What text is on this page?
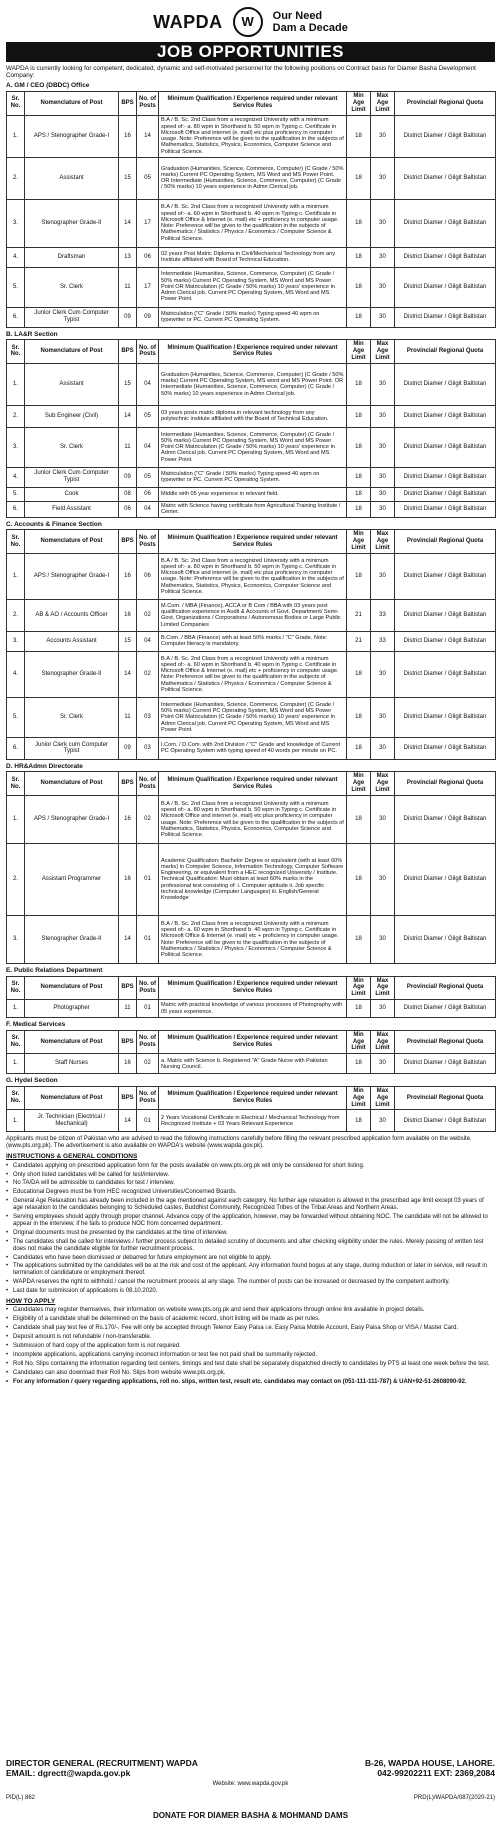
WAPDA	W	Our Need
Dam a Decade
JOB OPPORTUNITIES
WAPDA is currently looking for competent, dedicated, dynamic and self-motivated personnel for the following positions on Contract basis for Diamer Basha Development Company:
A. GM / CEO (DBDC) Office
Sr. No.	Nomenclature of Post	BPS	No. of Posts	Minimum Qualification / Experience required under relevant Service Rules	Min Age Limit	Max Age Limit	Provincial/ Regional Quota
1.	APS / Stenographer Grade-I	16	14	B.A / B. Sc. 2nd Class from a recognized University with a minimum speed of:- a. 80 wpm in Shorthand b. 50 wpm in Typing c. Certificate in Microsoft Office and internet (e. mail) etc plus proficiency in computer usage. Note: Preference will be given to the qualification in the subjects of Mathematics, Statistics, Physics, Economics, Computer Science and Political Science.	18	30	District Diamer / Gilgit Baltistan
2.	Assistant	15	05	Graduation (Humanities, Science, Commerce, Computer) (C Grade / 50% marks) Current PC Operating System, MS Word and MS Power Point. OR Intermediate (Humanities, Science, Commerce, Computer) (C Grade / 50% marks) 10 years experience in Admn Clerical job.	18	30	District Diamer / Gilgit Baltistan
3.	Stenographer Grade-II	14	17	B.A / B. Sc. 2nd Class from a recognized University with a minimum speed of:- a. 60 wpm in Shorthand b. 40 wpm in Typing c. Certificate in Microsoft Office & Internet (e. mail) etc + proficiency in computer usage. Note: Preference will be given to the qualification in the subjects of Mathematics / Statistics / Physics / Economics / Computer Science & Political Science.	18	30	District Diamer / Gilgit Baltistan
4.	Draftsman	13	06	02 years Post Matric Diploma in Civil/Mechanical Technology from any Institute affiliated with Board of Technical Education.	18	30	District Diamer / Gilgit Baltistan
5.	Sr. Clerk	11	17	Intermediate (Humanities, Science, Commerce, Computer) (C Grade / 50% marks) Current PC Operating System, MS Word and MS Power Point OR Matriculation (C Grade / 50% marks) 10 years' experience in Admn Clerical job. Current PC Operating System, MS Word and MS Power Point.	18	30	District Diamer / Gilgit Baltistan
6.	Junior Clerk Cum Computer Typist	09	09	Matriculation ("C" Grade / 50% marks) Typing speed 40 wpm on typewriter or PC. Current PC Operating System.	18	30	District Diamer / Gilgit Baltistan
B. LA&R Section
Sr. No.	Nomenclature of Post	BPS	No. of Posts	Minimum Qualification / Experience required under relevant Service Rules	Min Age Limit	Max Age Limit	Provincial/ Regional Quota
1.	Assistant	15	04	Graduation (Humanities, Science, Commerce, Computer) (C Grade / 50% marks) Current PC Operating System, MS word and MS Power Point. OR Intermediate (Humanities, Science, Commerce, Computer) (C Grade / 50% marks) 10 years experience in Admn Clerical job.	18	30	District Diamer / Gilgit Baltistan
2.	Sub Engineer (Civil)	14	05	03 years posts matric diploma in relevant technology from any polytechnic institute affiliated with the Board of Technical Education.	18	30	District Diamer / Gilgit Baltistan
3.	Sr. Clerk	11	04	Intermediate (Humanities, Science, Commerce, Computer) (C Grade / 50% marks) Current PC Operating System, MS Word and MS Power Point OR Matriculation (C Grade / 50% marks) 10 years' experience in Admn Clerical job. Current PC Operating System, MS Word and MS Power Point.	18	30	District Diamer / Gilgit Baltistan
4.	Junior Clerk Cum Computer Typist	09	05	Matriculation ("C" Grade / 50% marks) Typing speed 40 wpm on typewriter or PC. Current PC Operating System.	18	30	District Diamer / Gilgit Baltistan
5.	Cook	08	06	Middle with 05 year experience in relevant field.	18	30	District Diamer / Gilgit Baltistan
6.	Field Assistant	06	04	Matric with Science having certificate from Agricultural Training Institute / Center.	18	30	District Diamer / Gilgit Baltistan
C. Accounts & Finance Section
Sr. No.	Nomenclature of Post	BPS	No. of Posts	Minimum Qualification / Experience required under relevant Service Rules	Min Age Limit	Max Age Limit	Provincial/ Regional Quota
1.	APS / Stenographer Grade-I	16	06	B.A / B. Sc. 2nd Class from a recognized University with a minimum speed of:- a. 80 wpm in Shorthand b. 50 wpm in Typing c. Certificate in Microsoft Office and internet (e. mail) etc plus proficiency in computer usage. Note: Preference will be given to the qualification in the subjects of Mathematics, Statistics, Physics, Economics, Computer Science and Political Science.	18	30	District Diamer / Gilgit Baltistan
2.	AB & AO / Accounts Officer	16	02	M.Com. / MBA (Finance), ACCA or B Com / BBA with 03 years post qualification experience in Audit & Accounts of Govt. Department/ Semi-Govt. Organizations / Corporations / Autonomous Bodies or Large Public Limited Companies	21	33	District Diamer / Gilgit Baltistan
3.	Accounts Assistant	15	04	B.Com. / BBA (Finance) with at least 50% marks / "C" Grade. Note: Computer literacy is mandatory.	21	33	District Diamer / Gilgit Baltistan
4.	Stenographer Grade-II	14	02	B.A / B. Sc. 2nd Class from a recognized University with a minimum speed of:- a. 60 wpm in Shorthand b. 40 wpm in Typing c. Certificate in Microsoft Office & Internet (e. mail) etc + proficiency in computer usage. Note: Preference will be given to the qualification in the subjects of Mathematics / Statistics / Physics / Economics / Computer Science & Political Science.	18	30	District Diamer / Gilgit Baltistan
5.	Sr. Clerk	11	03	Intermediate (Humanities, Science, Commerce, Computer) (C Grade / 50% marks) Current PC Operating System, MS Word and MS Power Point OR Matriculation (C Grade / 50% marks) 10 years' experience in Admn Clerical job. Current PC Operating System, MS Word and MS Power Point.	18	30	District Diamer / Gilgit Baltistan
6.	Junior Clerk cum Computer Typist	09	03	I.Com. / D.Com. with 2nd Division / "C" Grade and knowledge of Current PC Operating System with typing speed of 40 words per minute on PC.	18	30	District Diamer / Gilgit Baltistan
D. HR&Admn Directorate
Sr. No.	Nomenclature of Post	BPS	No. of Posts	Minimum Qualification / Experience required under relevant Service Rules	Min Age Limit	Max Age Limit	Provincial/ Regional Quota
1.	APS / Stenographer Grade-I	16	02	B.A / B. Sc. 2nd Class from a recognized University with a minimum speed of:- a. 80 wpm in Shorthand b. 50 wpm in Typing c. Certificate in Microsoft Office and internet (e. mail) etc plus proficiency in computer usage. Note: Preference will be given to the qualification in the subjects of Mathematics, Statistics, Physics, Economics, Computer Science and Political Science.	18	30	District Diamer / Gilgit Baltistan
2.	Assistant Programmer	16	01	Academic Qualification: Bachelor Degree or equivalent (with at least 60% marks) in Computer Science, Information Technology, Computer Software Engineering, or equivalent from a HEC recognized University / Institute. Technical Qualification: Must obtain at least 60% marks in the professional test consisting of: i. Computer aptitude ii. Job specific technical knowledge (Computer Languages) iii. English/General Knowledge	18	30	District Diamer / Gilgit Baltistan
3.	Stenographer Grade-II	14	01	B.A / B. Sc. 2nd Class from a recognized University with a minimum speed of:- a. 60 wpm in Shorthand b. 40 wpm in Typing c. Certificate in Microsoft Office & Internet (e. mail) etc + proficiency in computer usage. Note: Preference will be given to the qualification in the subjects of Mathematics / Statistics / Physics / Economics / Computer Science & Political Science.	18	30	District Diamer / Gilgit Baltistan
E. Public Relations Department
Sr. No.	Nomenclature of Post	BPS	No. of Posts	Minimum Qualification / Experience required under relevant Service Rules	Min Age Limit	Max Age Limit	Provincial/ Regional Quota
1.	Photographer	11	01	Matric with practical knowledge of various processes of Photography with 05 years experience.	18	30	District Diamer / Gilgit Baltistan
F. Medical Services
Sr. No.	Nomenclature of Post	BPS	No. of Posts	Minimum Qualification / Experience required under relevant Service Rules	Min Age Limit	Max Age Limit	Provincial/ Regional Quota
1.	Staff Nurses	16	02	a. Matric with Science b. Registered "A" Grade Nurse with Pakistan Nursing Council.	18	30	District Diamer / Gilgit Baltistan
G. Hydel Section
Sr. No.	Nomenclature of Post	BPS	No. of Posts	Minimum Qualification / Experience required under relevant Service Rules	Min Age Limit	Max Age Limit	Provincial/ Regional Quota
1.	Jr. Technician (Electrical / Mechanical)	14	01	2 Years Vocational Certificate in Electrical / Mechanical Technology from Recognized Institute + 03 Years Relevant Experience	18	30	District Diamer / Gilgit Baltistan
Applicants must be citizen of Pakistan who are advised to read the following instructions carefully before filling the relevant prescribed application form available on the website. (www.pts.org.pk). The advertisement is also available on WAPDA's website (www.wapda.gov.pk).
INSTRUCTIONS & GENERAL CONDITIONS
• Candidates applying on prescribed application form for the posts available on www.pts.org.pk will only be considered for short listing.
• Only short listed candidates will be called for test/interview.
• No TA/DA will be admissible to candidates for test / interview.
• Educational Degrees must be from HEC recognized Universities/Concerned Boards.
• General Age Relaxation has already been included in the age mentioned against each category. No further age relaxation is allowed in the prescribed age limit except 03 years of age relaxation to the candidates belonging to Scheduled castes, Buddhist Community, Recognized Tribes of the Tribal Areas and Northern Areas.
• Serving employees should apply through proper channel. Advance copy of the application, however, may be forwarded without obtaining NOC. The candidate will not be allowed to appear in the interview, if he fails to produce NOC from concerned department.
• Original documents must be presented by the candidates at the time of interview.
• The candidates shall be called for interviews / further process subject to detailed scrutiny of documents and after checking eligibility under the rules. Merely passing of written test does not make the candidate eligible for further recruitment process.
• Candidates who have been dismissed or debarred for future employment are not eligible to apply.
• The applications submitted by the candidates will be at the risk and cost of the applicant. Any information found bogus at any stage, during induction or later in service, will result in termination of candidature or employment thereof.
• WAPDA reserves the right to withhold / cancel the recruitment process at any stage. The number of posts can be increased or decreased by the competent authority.
• Last date for submission of applications is 08.10.2020.
HOW TO APPLY
• Candidates may register themselves, their information on website www.pts.org.pk and send their applications through online link available in project details.
• Eligibility of a candidate shall be determined on the basis of academic record, short listing will be made as per rules.
• Candidate shall pay test fee of Rs.170/-. Fee will only be accepted through Telenor Easy Paisa i.e. Easy Paisa Mobile Account, Easy Paisa Shop or VISA / Master Card.
• Deposit amount is not refundable / non-transferable.
• Submission of hard copy of the application form is not required.
• Incomplete applications, applications carrying incorrect information or test fee not paid shall be summarily rejected.
• Roll No. Slips containing the information regarding test centers, timings and test date shall be separately dispatched directly to candidates by PTS at least one week before the test.
• Candidates can also download their Roll No. Slips from website www.pts.org.pk.
• For any information / query regarding applications, roll no. slips, written test, result etc. candidates may contact on (051-111-111-787) & UAN+92-51-2608090-92.
DIRECTOR GENERAL (RECRUITMENT) WAPDA	B-26, WAPDA HOUSE, LAHORE.
EMAIL: dgrectt@wapda.gov.pk	042-99202211 EXT: 2369,2084
Website: www.wapda.gov.pk
PID(L) 862	PRD(L)/WAPDA/087(2020-21)
DONATE FOR DIAMER BASHA & MOHMAND DAMS
